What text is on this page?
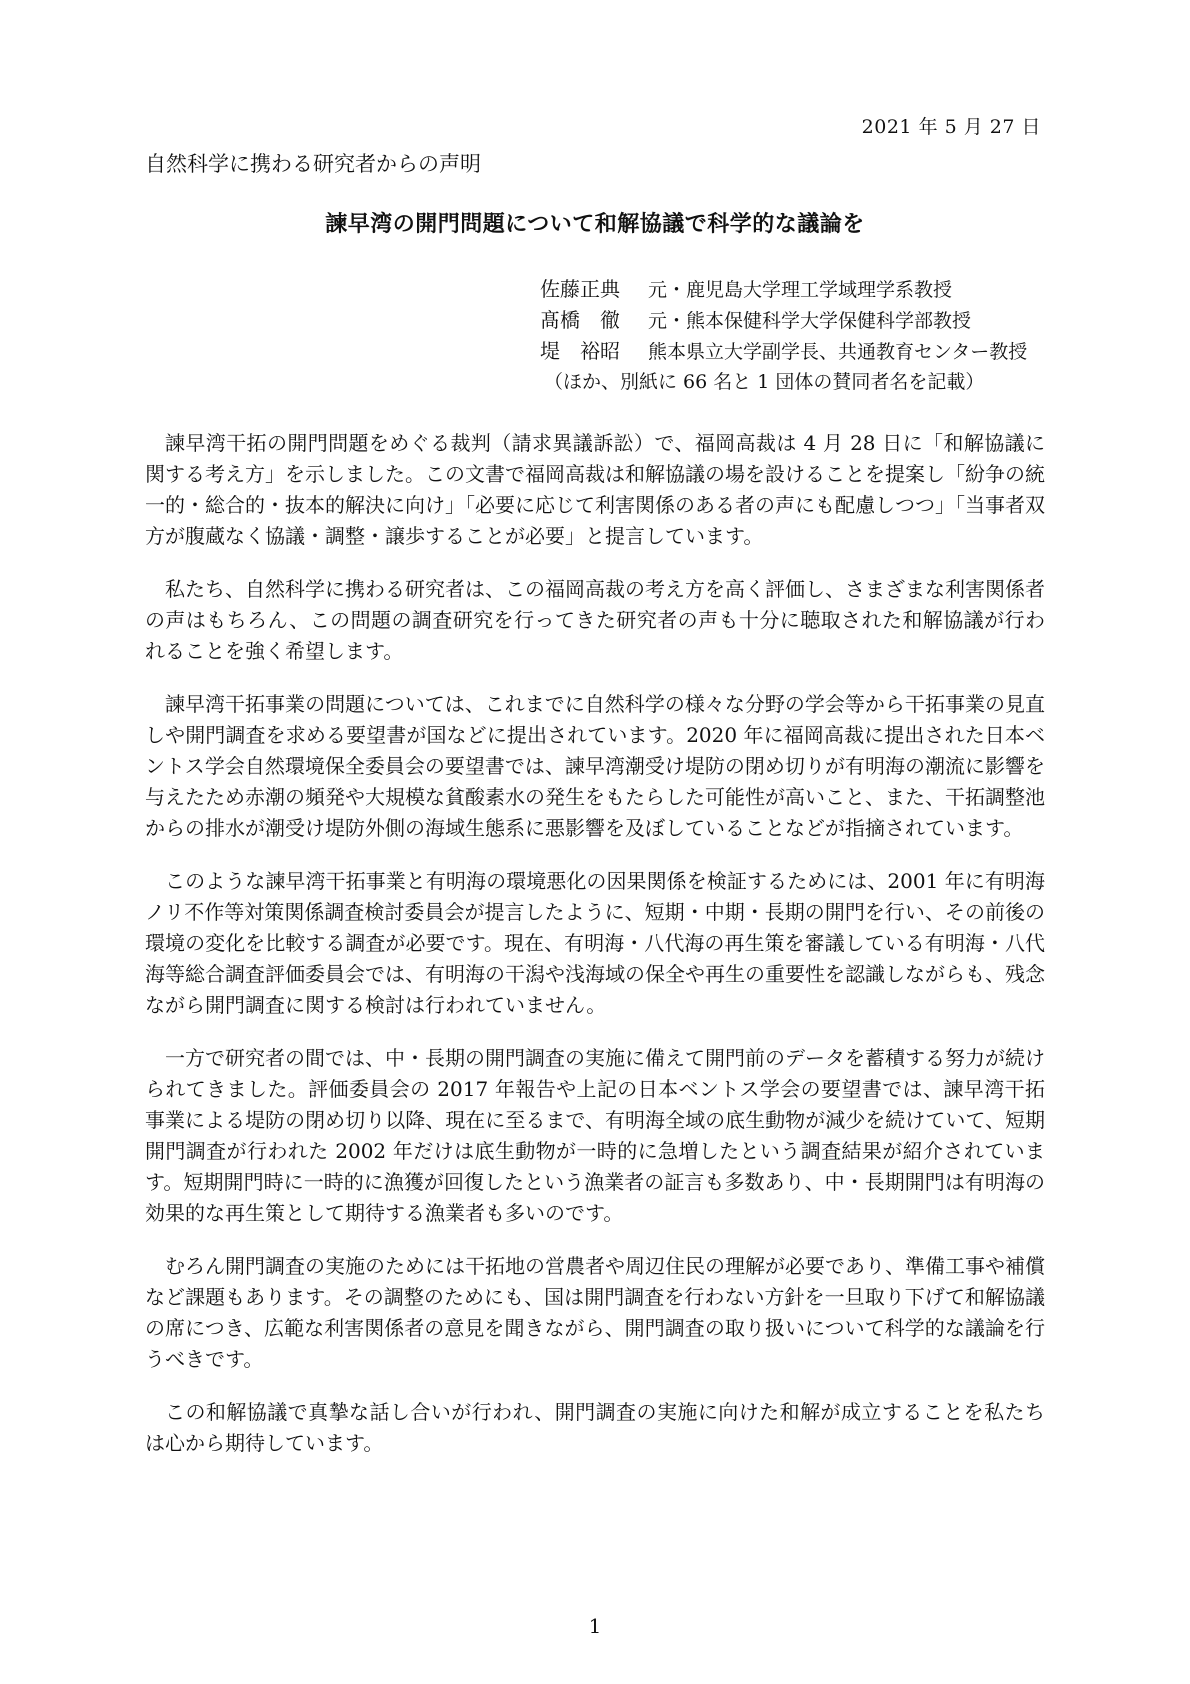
2021 年 5 月 27 日
自然科学に携わる研究者からの声明
諫早湾の開門問題について和解協議で科学的な議論を
佐藤正典 元・鹿児島大学理工学域理学系教授
髙橋　徹 元・熊本保健科学大学保健科学部教授
堤　裕昭 熊本県立大学副学長、共通教育センター教授
（ほか、別紙に 66 名と 1 団体の賛同者名を記載）

諫早湾干拓の開門問題をめぐる裁判（請求異議訴訟）で、福岡高裁は 4 月 28 日に「和解協議に関する考え方」を示しました。この文書で福岡高裁は和解協議の場を設けることを提案し「紛争の統一的・総合的・抜本的解決に向け」「必要に応じて利害関係のある者の声にも配慮しつつ」「当事者双方が腹蔵なく協議・調整・譲歩することが必要」と提言しています。

私たち、自然科学に携わる研究者は、この福岡高裁の考え方を高く評価し、さまざまな利害関係者の声はもちろん、この問題の調査研究を行ってきた研究者の声も十分に聴取された和解協議が行われることを強く希望します。

諫早湾干拓事業の問題については、これまでに自然科学の様々な分野の学会等から干拓事業の見直しや開門調査を求める要望書が国などに提出されています。2020 年に福岡高裁に提出された日本ベントス学会自然環境保全委員会の要望書では、諫早湾潮受け堤防の閉め切りが有明海の潮流に影響を与えたため赤潮の頻発や大規模な貧酸素水の発生をもたらした可能性が高いこと、また、干拓調整池からの排水が潮受け堤防外側の海域生態系に悪影響を及ぼしていることなどが指摘されています。

このような諫早湾干拓事業と有明海の環境悪化の因果関係を検証するためには、2001 年に有明海ノリ不作等対策関係調査検討委員会が提言したように、短期・中期・長期の開門を行い、その前後の環境の変化を比較する調査が必要です。現在、有明海・八代海の再生策を審議している有明海・八代海等総合調査評価委員会では、有明海の干潟や浅海域の保全や再生の重要性を認識しながらも、残念ながら開門調査に関する検討は行われていません。

一方で研究者の間では、中・長期の開門調査の実施に備えて開門前のデータを蓄積する努力が続けられてきました。評価委員会の 2017 年報告や上記の日本ベントス学会の要望書では、諫早湾干拓事業による堤防の閉め切り以降、現在に至るまで、有明海全域の底生動物が減少を続けていて、短期開門調査が行われた 2002 年だけは底生動物が一時的に急増したという調査結果が紹介されています。短期開門時に一時的に漁獲が回復したという漁業者の証言も多数あり、中・長期開門は有明海の効果的な再生策として期待する漁業者も多いのです。

むろん開門調査の実施のためには干拓地の営農者や周辺住民の理解が必要であり、準備工事や補償など課題もあります。その調整のためにも、国は開門調査を行わない方針を一旦取り下げて和解協議の席につき、広範な利害関係者の意見を聞きながら、開門調査の取り扱いについて科学的な議論を行うべきです。

この和解協議で真摯な話し合いが行われ、開門調査の実施に向けた和解が成立することを私たちは心から期待しています。

1
